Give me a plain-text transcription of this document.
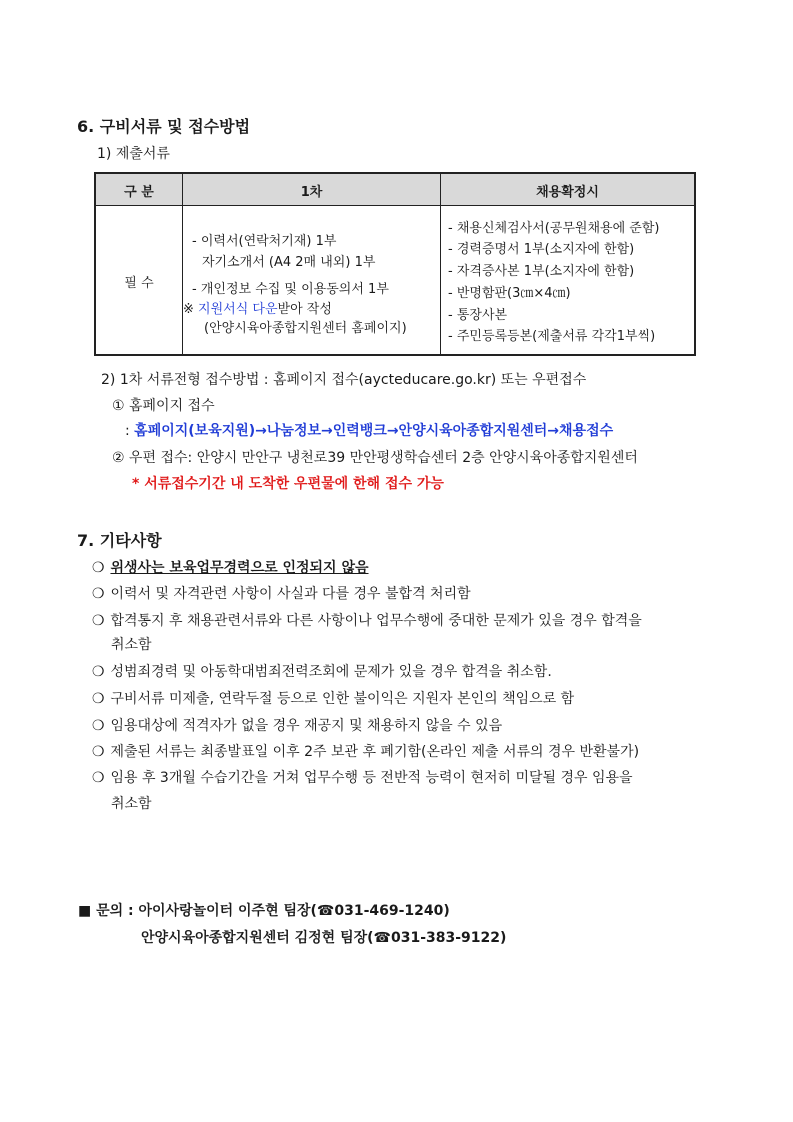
6. 구비서류 및 접수방법
1) 제출서류
구 분	1차	채용확정시
필 수
- 이력서(연락처기재) 1부
자기소개서 (A4 2매 내외) 1부
- 개인정보 수집 및 이용동의서 1부
※ 지원서식 다운받아 작성
(안양시육아종합지원센터 홈페이지)
- 채용신체검사서(공무원채용에 준함)
- 경력증명서 1부(소지자에 한함)
- 자격증사본 1부(소지자에 한함)
- 반명함판(3㎝×4㎝)
- 통장사본
- 주민등록등본(제출서류 각각1부씩)
2) 1차 서류전형 접수방법 : 홈페이지 접수(aycteducare.go.kr) 또는 우편접수
① 홈페이지 접수
: 홈페이지(보육지원)→나눔정보→인력뱅크→안양시육아종합지원센터→채용접수
② 우편 접수: 안양시 만안구 냉천로39 만안평생학습센터 2층 안양시육아종합지원센터
* 서류접수기간 내 도착한 우편물에 한해 접수 가능
7. 기타사항
❍ 위생사는 보육업무경력으로 인정되지 않음
❍ 이력서 및 자격관련 사항이 사실과 다를 경우 불합격 처리함
❍ 합격통지 후 채용관련서류와 다른 사항이나 업무수행에 중대한 문제가 있을 경우 합격을
취소함
❍ 성범죄경력 및 아동학대범죄전력조회에 문제가 있을 경우 합격을 취소함.
❍ 구비서류 미제출, 연락두절 등으로 인한 불이익은 지원자 본인의 책임으로 함
❍ 임용대상에 적격자가 없을 경우 재공지 및 채용하지 않을 수 있음
❍ 제출된 서류는 최종발표일 이후 2주 보관 후 폐기함(온라인 제출 서류의 경우 반환불가)
❍ 임용 후 3개월 수습기간을 거쳐 업무수행 등 전반적 능력이 현저히 미달될 경우 임용을
취소함
■ 문의 : 아이사랑놀이터 이주현 팀장(☎031-469-1240)
안양시육아종합지원센터 김정현 팀장(☎031-383-9122)
